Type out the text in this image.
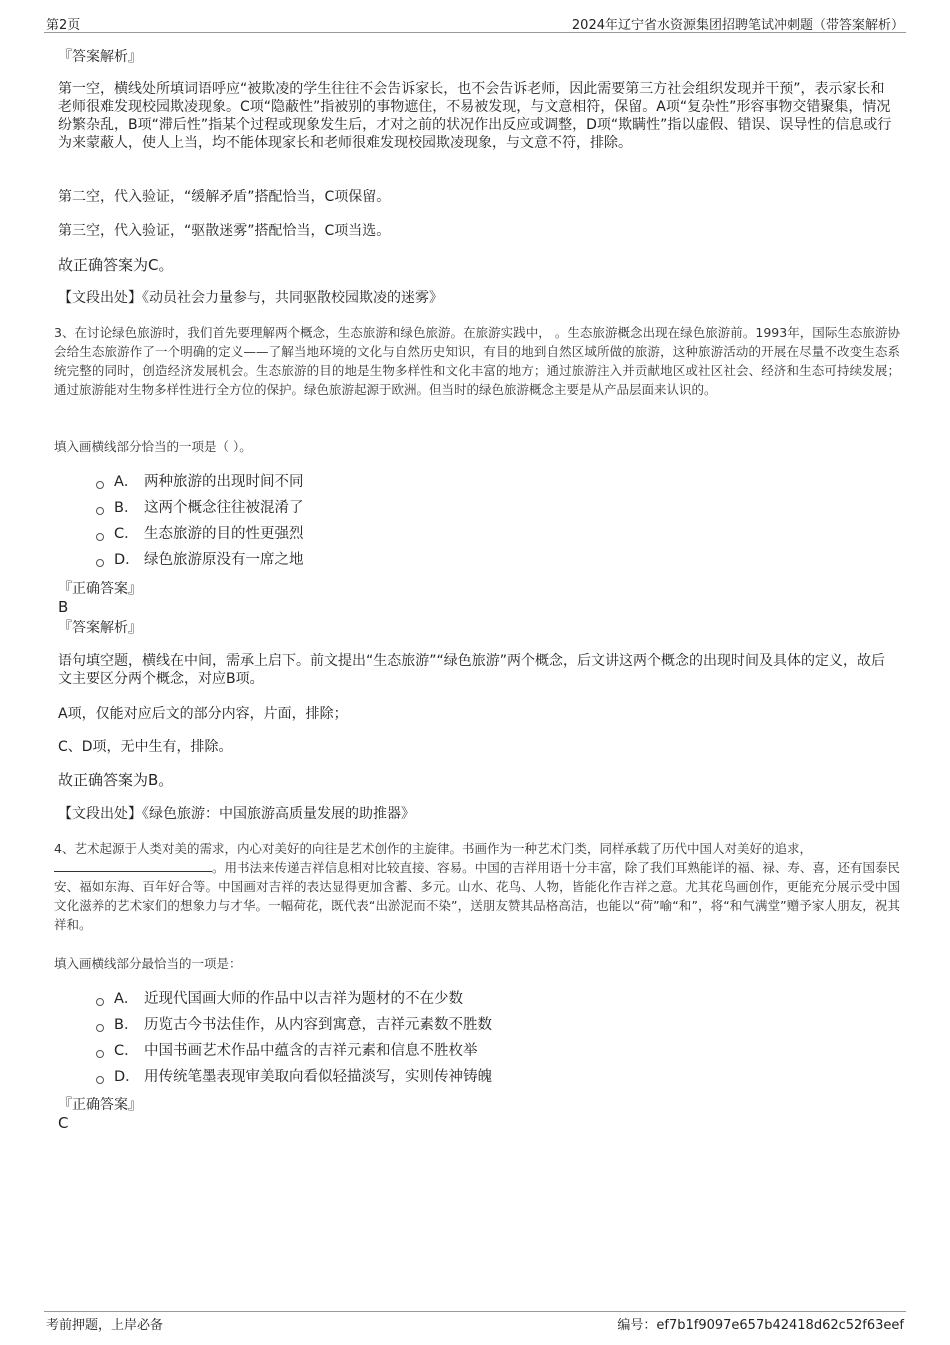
第2页	2024年辽宁省水资源集团招聘笔试冲刺题（带答案解析）
『答案解析』
第一空，横线处所填词语呼应“被欺凌的学生往往不会告诉家长，也不会告诉老师，因此需要第三方社会组织发现并干预”，表示家长和老师很难发现校园欺凌现象。C项“隐蔽性”指被别的事物遮住，不易被发现，与文意相符，保留。A项“复杂性”形容事物交错聚集，情况纷繁杂乱，B项“滞后性”指某个过程或现象发生后，才对之前的状况作出反应或调整，D项“欺瞒性”指以虚假、错误、误导性的信息或行为来蒙蔽人，使人上当，均不能体现家长和老师很难发现校园欺凌现象，与文意不符，排除。
第二空，代入验证，“缓解矛盾”搭配恰当，C项保留。
第三空，代入验证，“驱散迷雾”搭配恰当，C项当选。
故正确答案为C。
【文段出处】《动员社会力量参与，共同驱散校园欺凌的迷雾》
3、在讨论绿色旅游时，我们首先要理解两个概念，生态旅游和绿色旅游。在旅游实践中， 。生态旅游概念出现在绿色旅游前。1993年，国际生态旅游协会给生态旅游作了一个明确的定义——了解当地环境的文化与自然历史知识，有目的地到自然区域所做的旅游，这种旅游活动的开展在尽量不改变生态系统完整的同时，创造经济发展机会。生态旅游的目的地是生物多样性和文化丰富的地方；通过旅游注入并贡献地区或社区社会、经济和生态可持续发展；通过旅游能对生物多样性进行全方位的保护。绿色旅游起源于欧洲。但当时的绿色旅游概念主要是从产品层面来认识的。
填入画横线部分恰当的一项是（ ）。
A． 两种旅游的出现时间不同
B． 这两个概念往往被混淆了
C． 生态旅游的目的性更强烈
D． 绿色旅游原没有一席之地
『正确答案』
B
『答案解析』
语句填空题，横线在中间，需承上启下。前文提出“生态旅游”“绿色旅游”两个概念，后文讲这两个概念的出现时间及具体的定义，故后文主要区分两个概念，对应B项。
A项，仅能对应后文的部分内容，片面，排除；
C、D项，无中生有，排除。
故正确答案为B。
【文段出处】《绿色旅游：中国旅游高质量发展的助推器》
4、艺术起源于人类对美的需求，内心对美好的向往是艺术创作的主旋律。书画作为一种艺术门类，同样承载了历代中国人对美好的追求，
。用书法来传递吉祥信息相对比较直接、容易。中国的吉祥用语十分丰富，除了我们耳熟能详的福、禄、寿、喜，还有国泰民安、福如东海、百年好合等。中国画对吉祥的表达显得更加含蓄、多元。山水、花鸟、人物，皆能化作吉祥之意。尤其花鸟画创作，更能充分展示受中国文化滋养的艺术家们的想象力与才华。一幅荷花，既代表“出淤泥而不染”，送朋友赞其品格高洁，也能以“荷”喻“和”，将“和气满堂”赠予家人朋友，祝其祥和。
填入画横线部分最恰当的一项是：
A． 近现代国画大师的作品中以吉祥为题材的不在少数
B． 历览古今书法佳作，从内容到寓意，吉祥元素数不胜数
C． 中国书画艺术作品中蕴含的吉祥元素和信息不胜枚举
D． 用传统笔墨表现审美取向看似轻描淡写，实则传神铸魄
『正确答案』
C
考前押题，上岸必备	编号：ef7b1f9097e657b42418d62c52f63eef
